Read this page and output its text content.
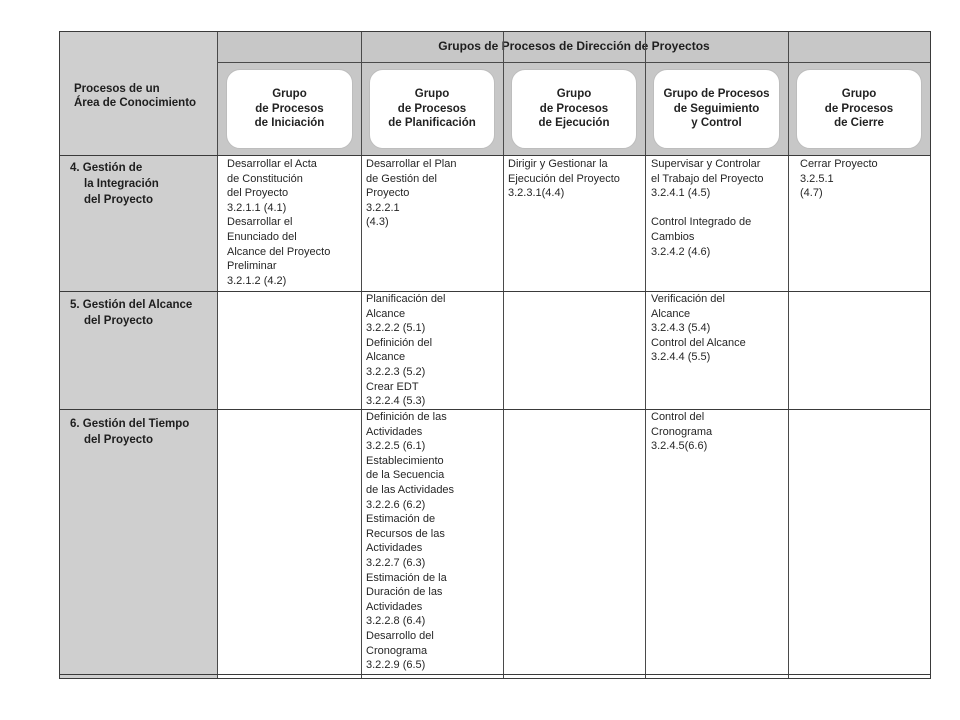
Procesos de un
Área de Conocimiento
Grupos de Procesos de Dirección de Proyectos
Grupo
de Procesos
de Iniciación
Grupo
de Procesos
de Planificación
Grupo
de Procesos
de Ejecución
Grupo de Procesos
de Seguimiento
y Control
Grupo
de Procesos
de Cierre
4. Gestión de
la Integración
del Proyecto
Desarrollar el Acta
de Constitución
del Proyecto
3.2.1.1 (4.1)
Desarrollar el
Enunciado del
Alcance del Proyecto
Preliminar
3.2.1.2 (4.2)
Desarrollar el Plan
de Gestión del
Proyecto
3.2.2.1
(4.3)
Dirigir y Gestionar la
Ejecución del Proyecto
3.2.3.1(4.4)
Supervisar y Controlar
el Trabajo del Proyecto
3.2.4.1 (4.5)
Control Integrado de
Cambios
3.2.4.2 (4.6)
Cerrar Proyecto
3.2.5.1
(4.7)
5. Gestión del Alcance
del Proyecto
Planificación del
Alcance
3.2.2.2 (5.1)
Definición del
Alcance
3.2.2.3 (5.2)
Crear EDT
3.2.2.4 (5.3)
Verificación del
Alcance
3.2.4.3 (5.4)
Control del Alcance
3.2.4.4 (5.5)
6. Gestión del Tiempo
del Proyecto
Definición de las
Actividades
3.2.2.5 (6.1)
Establecimiento
de la Secuencia
de las Actividades
3.2.2.6 (6.2)
Estimación de
Recursos de las
Actividades
3.2.2.7 (6.3)
Estimación de la
Duración de las
Actividades
3.2.2.8 (6.4)
Desarrollo del
Cronograma
3.2.2.9 (6.5)
Control del
Cronograma
3.2.4.5(6.6)
